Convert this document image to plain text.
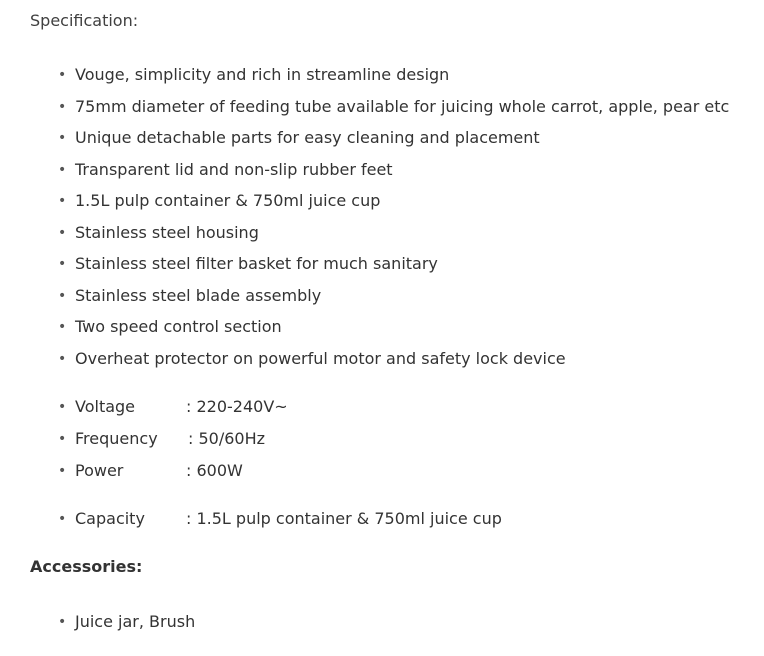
Specification:

• Vouge, simplicity and rich in streamline design
• 75mm diameter of feeding tube available for juicing whole carrot, apple, pear etc
• Unique detachable parts for easy cleaning and placement
• Transparent lid and non-slip rubber feet
• 1.5L pulp container & 750ml juice cup
• Stainless steel housing
• Stainless steel filter basket for much sanitary
• Stainless steel blade assembly
• Two speed control section
• Overheat protector on powerful motor and safety lock device
• Voltage	: 220-240V~
• Frequency : 50/60Hz
• Power	: 600W
• Capacity	: 1.5L pulp container & 750ml juice cup

Accessories:

• Juice jar, Brush
